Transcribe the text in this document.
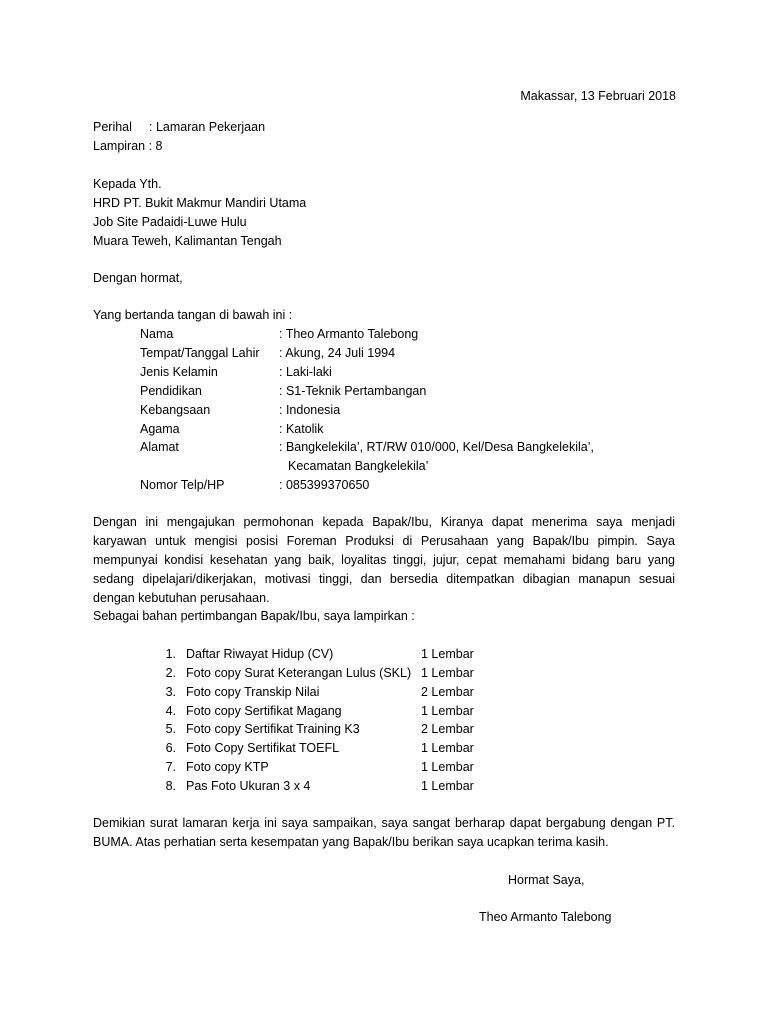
Makassar, 13 Februari 2018
Perihal : Lamaran Pekerjaan
Lampiran : 8
Kepada Yth.
HRD PT. Bukit Makmur Mandiri Utama
Job Site Padaidi-Luwe Hulu
Muara Teweh, Kalimantan Tengah
Dengan hormat,
Yang bertanda tangan di bawah ini :
Nama	: Theo Armanto Talebong
Tempat/Tanggal Lahir : Akung, 24 Juli 1994
Jenis Kelamin	: Laki-laki
Pendidikan	: S1-Teknik Pertambangan
Kebangsaan	: Indonesia
Agama	: Katolik
Alamat	: Bangkelekila’, RT/RW 010/000, Kel/Desa Bangkelekila’,
Kecamatan Bangkelekila’
Nomor Telp/HP	: 085399370650
Dengan ini mengajukan permohonan kepada Bapak/Ibu, Kiranya dapat menerima saya menjadi
karyawan untuk mengisi posisi Foreman Produksi di Perusahaan yang Bapak/Ibu pimpin. Saya
mempunyai kondisi kesehatan yang baik, loyalitas tinggi, jujur, cepat memahami bidang baru yang
sedang dipelajari/dikerjakan, motivasi tinggi, dan bersedia ditempatkan dibagian manapun sesuai
dengan kebutuhan perusahaan.
Sebagai bahan pertimbangan Bapak/Ibu, saya lampirkan :
1. Daftar Riwayat Hidup (CV)	1 Lembar
2. Foto copy Surat Keterangan Lulus (SKL) 1 Lembar
3. Foto copy Transkip Nilai	2 Lembar
4. Foto copy Sertifikat Magang	1 Lembar
5. Foto copy Sertifikat Training K3	2 Lembar
6. Foto Copy Sertifikat TOEFL	1 Lembar
7. Foto copy KTP	1 Lembar
8. Pas Foto Ukuran 3 x 4	1 Lembar
Demikian surat lamaran kerja ini saya sampaikan, saya sangat berharap dapat bergabung dengan PT.
BUMA. Atas perhatian serta kesempatan yang Bapak/Ibu berikan saya ucapkan terima kasih.
Hormat Saya,
Theo Armanto Talebong
